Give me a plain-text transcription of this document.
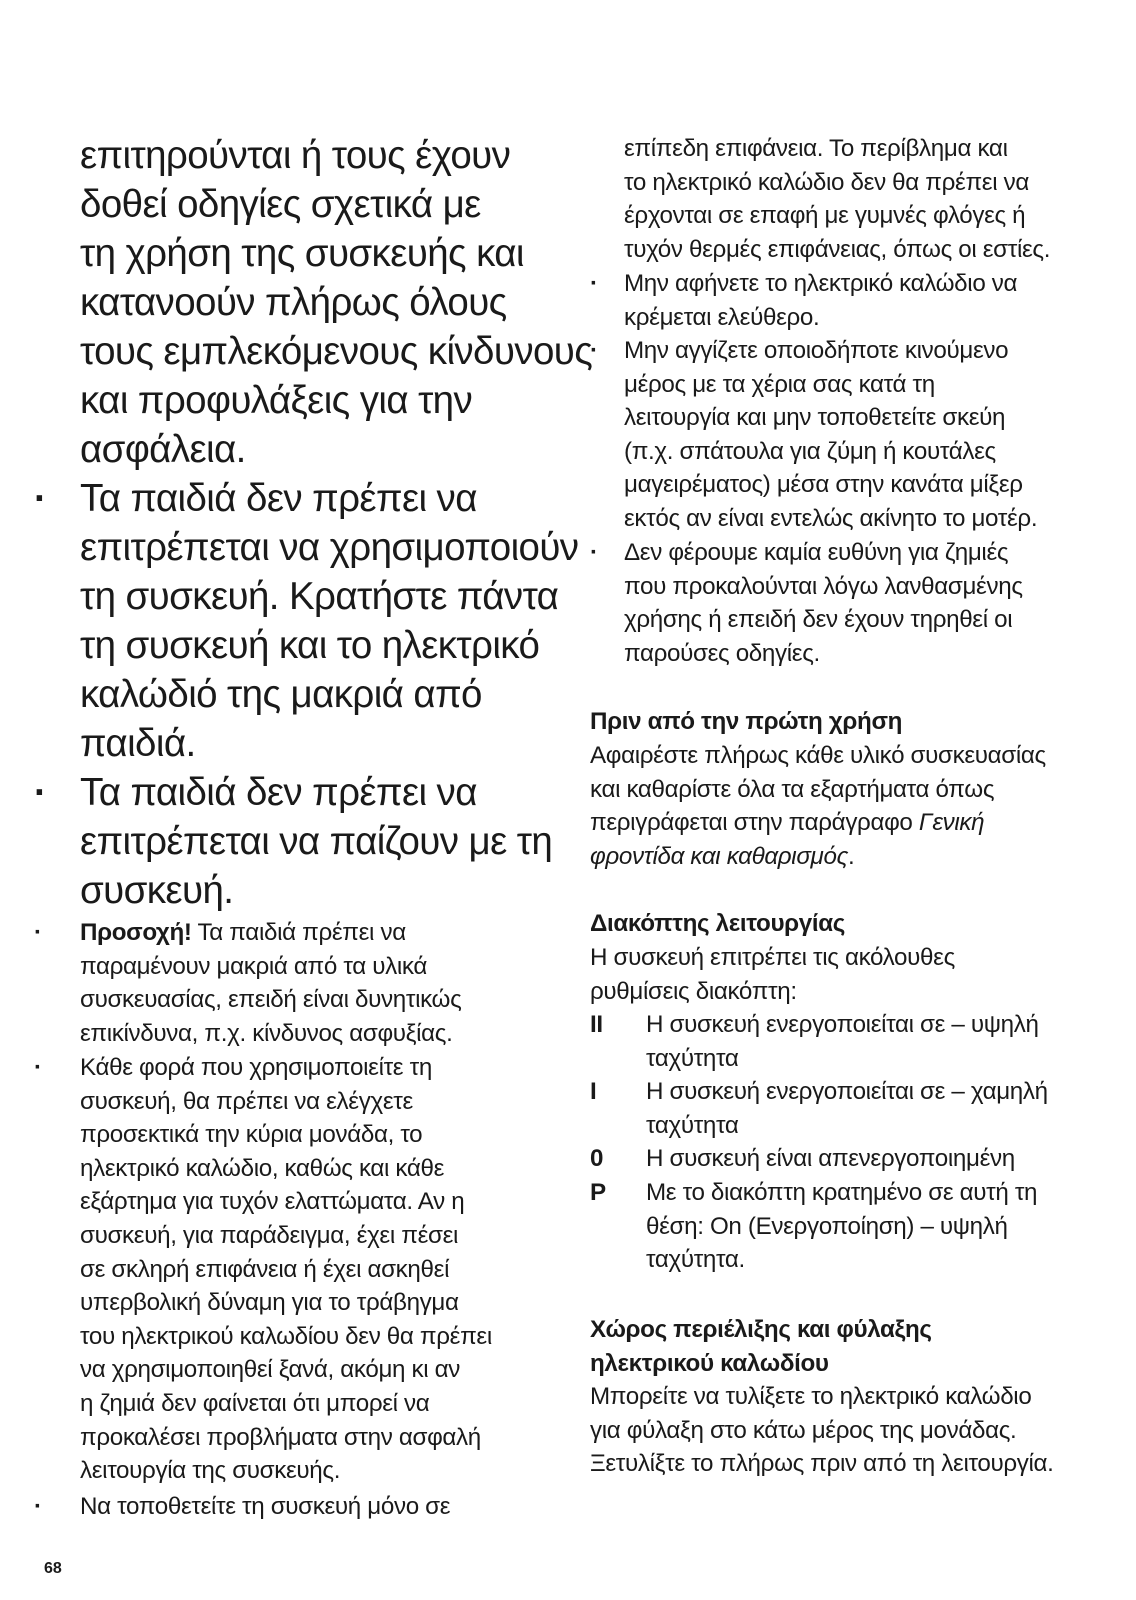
επιτηρούνται ή τους έχουν
δοθεί οδηγίες σχετικά με
τη χρήση της συσκευής και
κατανοούν πλήρως όλους
τους εμπλεκόμενους κίνδυνους
και προφυλάξεις για την
ασφάλεια.
· Τα παιδιά δεν πρέπει να
επιτρέπεται να χρησιμοποιούν
τη συσκευή. Κρατήστε πάντα
τη συσκευή και το ηλεκτρικό
καλώδιό της μακριά από
παιδιά.
· Τα παιδιά δεν πρέπει να
επιτρέπεται να παίζουν με τη
συσκευή.
· Προσοχή! Τα παιδιά πρέπει να
παραμένουν μακριά από τα υλικά
συσκευασίας, επειδή είναι δυνητικώς
επικίνδυνα, π.χ. κίνδυνος ασφυξίας.
· Κάθε φορά που χρησιμοποιείτε τη
συσκευή, θα πρέπει να ελέγχετε
προσεκτικά την κύρια μονάδα, το
ηλεκτρικό καλώδιο, καθώς και κάθε
εξάρτημα για τυχόν ελαττώματα. Αν η
συσκευή, για παράδειγμα, έχει πέσει
σε σκληρή επιφάνεια ή έχει ασκηθεί
υπερβολική δύναμη για το τράβηγμα
του ηλεκτρικού καλωδίου δεν θα πρέπει
να χρησιμοποιηθεί ξανά, ακόμη κι αν
η ζημιά δεν φαίνεται ότι μπορεί να
προκαλέσει προβλήματα στην ασφαλή
λειτουργία της συσκευής.
· Να τοποθετείτε τη συσκευή μόνο σε
επίπεδη επιφάνεια. Το περίβλημα και
το ηλεκτρικό καλώδιο δεν θα πρέπει να
έρχονται σε επαφή με γυμνές φλόγες ή
τυχόν θερμές επιφάνειας, όπως οι εστίες.
· Μην αφήνετε το ηλεκτρικό καλώδιο να
κρέμεται ελεύθερο.
· Μην αγγίζετε οποιοδήποτε κινούμενο
μέρος με τα χέρια σας κατά τη
λειτουργία και μην τοποθετείτε σκεύη
(π.χ. σπάτουλα για ζύμη ή κουτάλες
μαγειρέματος) μέσα στην κανάτα μίξερ
εκτός αν είναι εντελώς ακίνητο το μοτέρ.
· Δεν φέρουμε καμία ευθύνη για ζημιές
που προκαλούνται λόγω λανθασμένης
χρήσης ή επειδή δεν έχουν τηρηθεί οι
παρούσες οδηγίες.
Πριν από την πρώτη χρήση
Αφαιρέστε πλήρως κάθε υλικό συσκευασίας
και καθαρίστε όλα τα εξαρτήματα όπως
περιγράφεται στην παράγραφο Γενική
φροντίδα και καθαρισμός.
Διακόπτης λειτουργίας
Η συσκευή επιτρέπει τις ακόλουθες
ρυθμίσεις διακόπτη:
II	Η συσκευή ενεργοποιείται σε – υψηλή
ταχύτητα
I	Η συσκευή ενεργοποιείται σε – χαμηλή
ταχύτητα
0	Η συσκευή είναι απενεργοποιημένη
P	Με το διακόπτη κρατημένο σε αυτή τη
θέση: On (Ενεργοποίηση) – υψηλή
ταχύτητα.
Χώρος περιέλιξης και φύλαξης
ηλεκτρικού καλωδίου
Μπορείτε να τυλίξετε το ηλεκτρικό καλώδιο
για φύλαξη στο κάτω μέρος της μονάδας.
Ξετυλίξτε το πλήρως πριν από τη λειτουργία.
68
